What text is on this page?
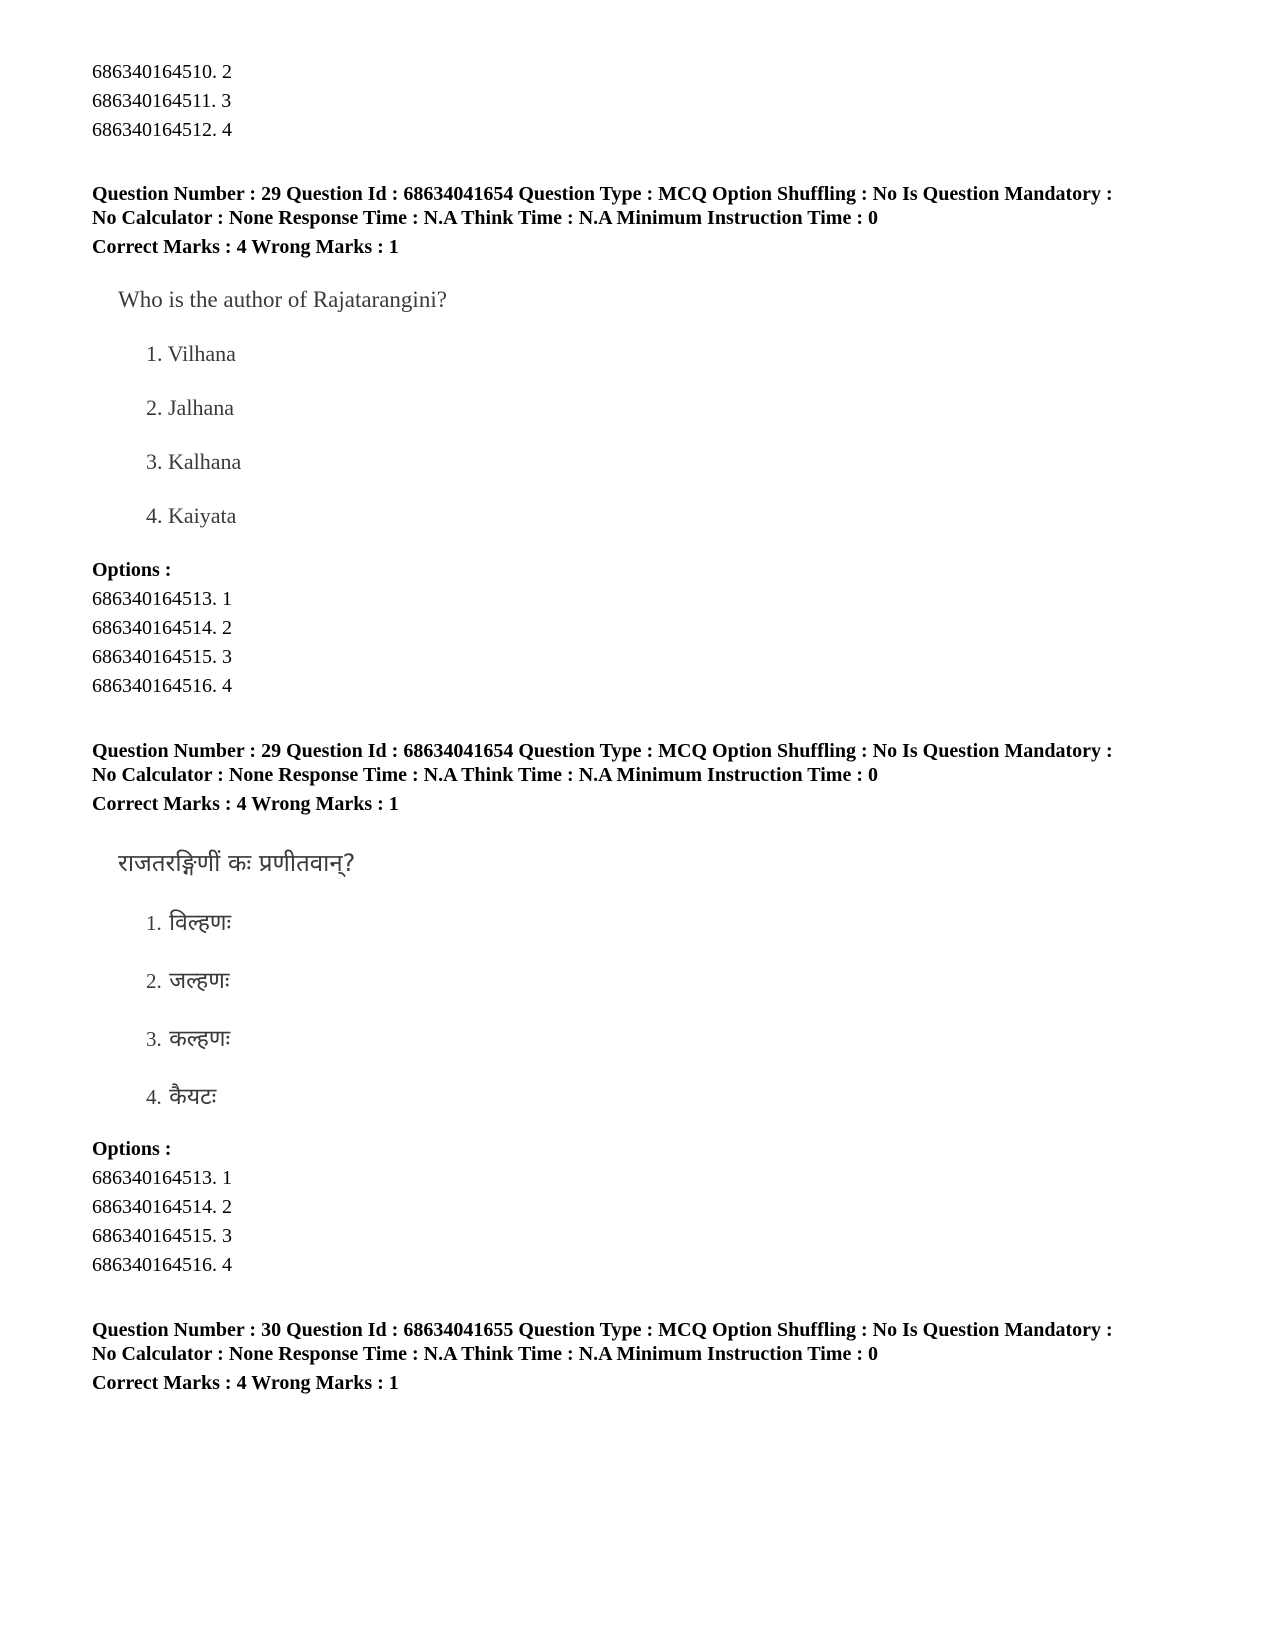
686340164510. 2
686340164511. 3
686340164512. 4
Question Number : 29 Question Id : 68634041654 Question Type : MCQ Option Shuffling : No Is Question Mandatory :
No Calculator : None Response Time : N.A Think Time : N.A Minimum Instruction Time : 0
Correct Marks : 4 Wrong Marks : 1
Who is the author of Rajatarangini?
1. Vilhana
2. Jalhana
3. Kalhana
4. Kaiyata
Options :
686340164513. 1
686340164514. 2
686340164515. 3
686340164516. 4
Question Number : 29 Question Id : 68634041654 Question Type : MCQ Option Shuffling : No Is Question Mandatory :
No Calculator : None Response Time : N.A Think Time : N.A Minimum Instruction Time : 0
Correct Marks : 4 Wrong Marks : 1
राजतरङ्गिणीं कः प्रणीतवान्?
1. विल्हणः
2. जल्हणः
3. कल्हणः
4. कैयटः
Options :
686340164513. 1
686340164514. 2
686340164515. 3
686340164516. 4
Question Number : 30 Question Id : 68634041655 Question Type : MCQ Option Shuffling : No Is Question Mandatory :
No Calculator : None Response Time : N.A Think Time : N.A Minimum Instruction Time : 0
Correct Marks : 4 Wrong Marks : 1
